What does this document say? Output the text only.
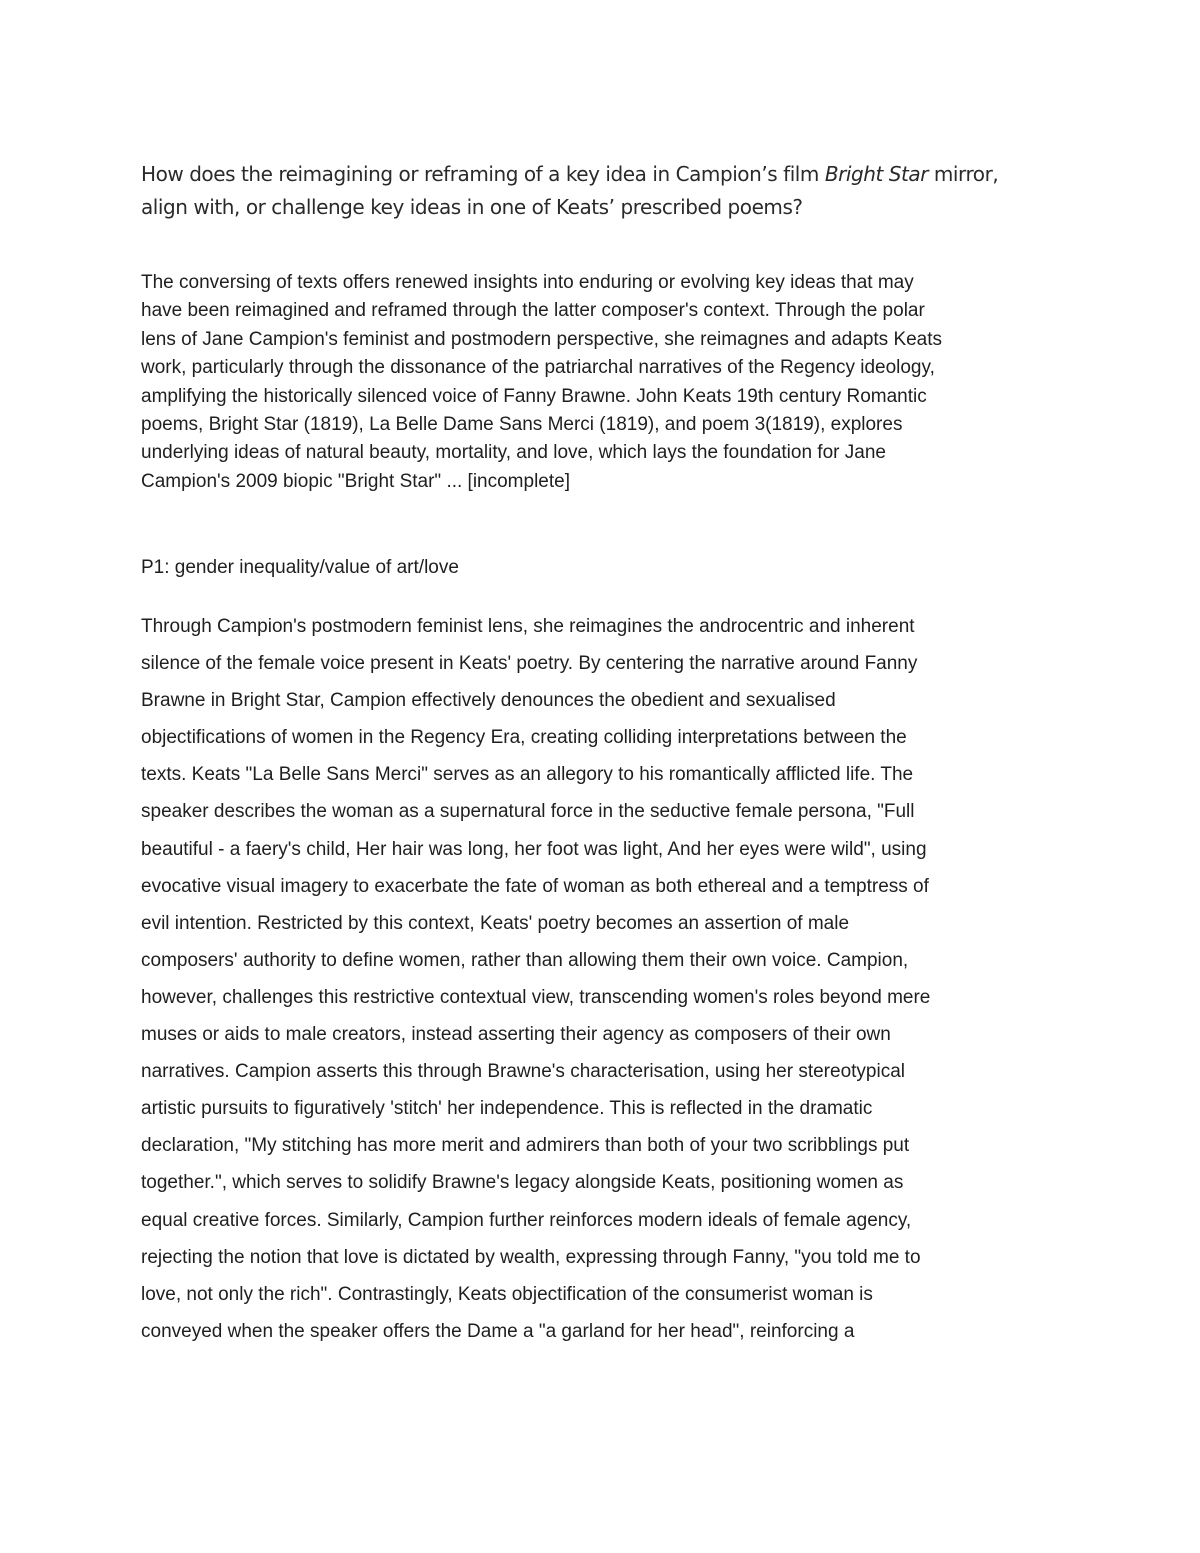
How does the reimagining or reframing of a key idea in Campion’s film Bright Star mirror,
align with, or challenge key ideas in one of Keats’ prescribed poems?

The conversing of texts offers renewed insights into enduring or evolving key ideas that may
have been reimagined and reframed through the latter composer's context. Through the polar
lens of Jane Campion's feminist and postmodern perspective, she reimagnes and adapts Keats
work, particularly through the dissonance of the patriarchal narratives of the Regency ideology,
amplifying the historically silenced voice of Fanny Brawne. John Keats 19th century Romantic
poems, Bright Star (1819), La Belle Dame Sans Merci (1819), and poem 3(1819), explores
underlying ideas of natural beauty, mortality, and love, which lays the foundation for Jane
Campion's 2009 biopic "Bright Star" ... [incomplete]

P1: gender inequality/value of art/love

Through Campion's postmodern feminist lens, she reimagines the androcentric and inherent
silence of the female voice present in Keats' poetry. By centering the narrative around Fanny
Brawne in Bright Star, Campion effectively denounces the obedient and sexualised
objectifications of women in the Regency Era, creating colliding interpretations between the
texts. Keats "La Belle Sans Merci" serves as an allegory to his romantically afflicted life. The
speaker describes the woman as a supernatural force in the seductive female persona, "Full
beautiful - a faery's child, Her hair was long, her foot was light, And her eyes were wild", using
evocative visual imagery to exacerbate the fate of woman as both ethereal and a temptress of
evil intention. Restricted by this context, Keats' poetry becomes an assertion of male
composers' authority to define women, rather than allowing them their own voice. Campion,
however, challenges this restrictive contextual view, transcending women's roles beyond mere
muses or aids to male creators, instead asserting their agency as composers of their own
narratives. Campion asserts this through Brawne's characterisation, using her stereotypical
artistic pursuits to figuratively 'stitch' her independence. This is reflected in the dramatic
declaration, "My stitching has more merit and admirers than both of your two scribblings put
together.", which serves to solidify Brawne's legacy alongside Keats, positioning women as
equal creative forces. Similarly, Campion further reinforces modern ideals of female agency,
rejecting the notion that love is dictated by wealth, expressing through Fanny, "you told me to
love, not only the rich". Contrastingly, Keats objectification of the consumerist woman is
conveyed when the speaker offers the Dame a "a garland for her head", reinforcing a
